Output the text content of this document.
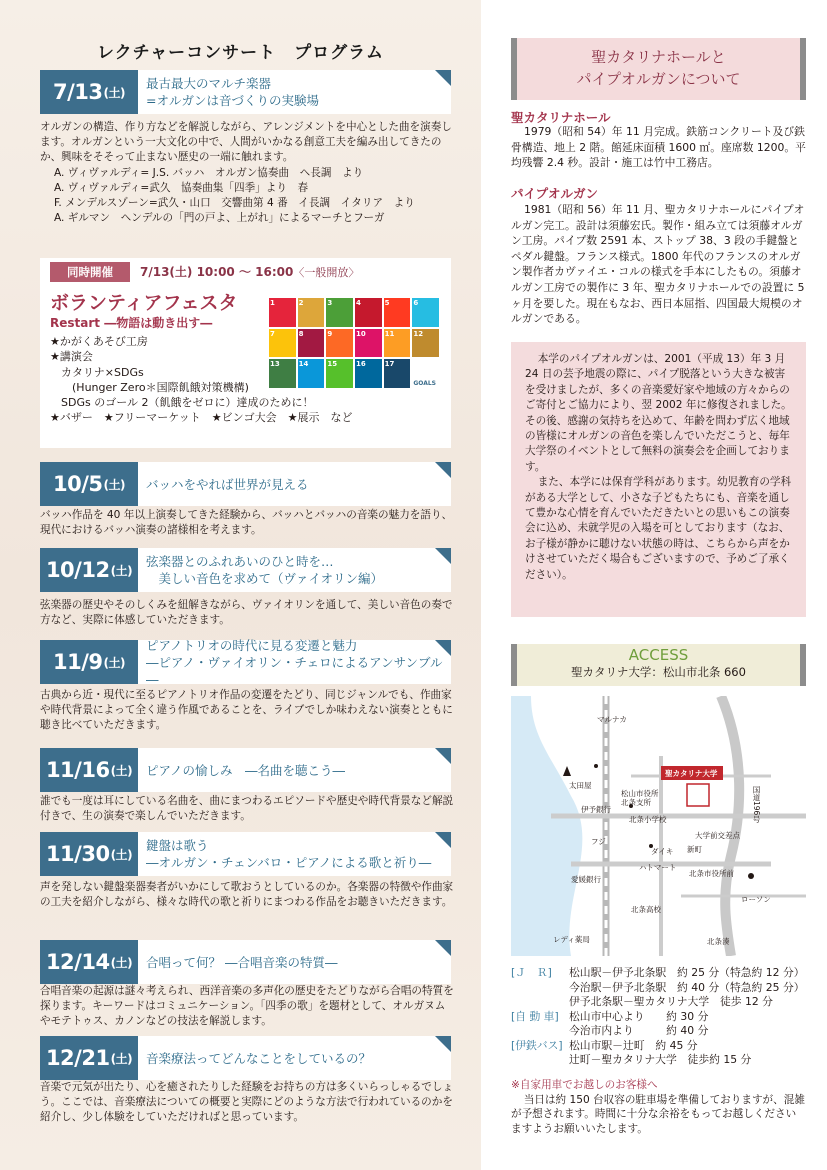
レクチャーコンサート　プログラム
7/13 (土)
最古最大のマルチ楽器
=オルガンは音づくりの実験場
オルガンの構造、作り方などを解説しながら、アレンジメントを中心とした曲を演奏します。オルガンという一大文化の中で、人間がいかなる創意工夫を編み出してきたのか、興味をそそって止まない歴史の一端に触れます。
A. ヴィヴァルディ= J.S. バッハ　オルガン協奏曲　ヘ長調　より
A. ヴィヴァルディ=武久　協奏曲集「四季」より　春
F. メンデルスゾーン=武久・山口　交響曲第 4 番　イ長調　イタリア　より
A. ギルマン　ヘンデルの「門の戸よ、上がれ」によるマーチとフーガ
同時開催	7/13(土) 10:00 ～ 16:00〈一般開放〉
ボランティアフェスタ
Restart ―物語は動き出す―
★かがくあそび工房
★講演会
　カタリナ×SDGs
　　(Hunger Zero＊国際飢餓対策機構)
　SDGs のゴール 2（飢餓をゼロに）達成のために！
★バザー　★フリーマーケット　★ビンゴ大会　★展示　など
1	2	3	4	5	6
7	8	9	10	11	12
13	14	15	16	17
GOALS
10/5 (土) バッハをやれば世界が見える
バッハ作品を 40 年以上演奏してきた経験から、バッハとバッハの音楽の魅力を語り、現代におけるバッハ演奏の諸様相を考えます。
10/12 (土)
弦楽器とのふれあいのひと時を…
　美しい音色を求めて（ヴァイオリン編）
弦楽器の歴史やそのしくみを紐解きながら、ヴァイオリンを通して、美しい音色の奏で方など、実際に体感していただきます。
11/9 (土)
ピアノトリオの時代に見る変遷と魅力
―ピアノ・ヴァイオリン・チェロによるアンサンブル―
古典から近・現代に至るピアノトリオ作品の変遷をたどり、同じジャンルでも、作曲家や時代背景によって全く違う作風であることを、ライブでしか味わえない演奏とともに聴き比べていただきます。
11/16 (土) ピアノの愉しみ　―名曲を聴こう―
誰でも一度は耳にしている名曲を、曲にまつわるエピソードや歴史や時代背景など解説付きで、生の演奏で楽しんでいただきます。
11/30 (土)
鍵盤は歌う
―オルガン・チェンバロ・ピアノによる歌と祈り―
声を発しない鍵盤楽器奏者がいかにして歌おうとしているのか。各楽器の特徴や作曲家の工夫を紹介しながら、様々な時代の歌と祈りにまつわる作品をお聴きいただきます。
12/14 (土) 合唱って何？ ―合唱音楽の特質―
合唱音楽の起源は謎々考えられ、西洋音楽の多声化の歴史をたどりながら合唱の特質を探ります。キーワードはコミュニケーション。「四季の歌」を題材として、オルガヌムやモテトゥス、カノンなどの技法を解説します。
12/21 (土) 音楽療法ってどんなことをしているの？
音楽で元気が出たり、心を癒されたりした経験をお持ちの方は多くいらっしゃるでしょう。ここでは、音楽療法についての概要と実際にどのような方法で行われているのかを紹介し、少し体験をしていただければと思っています。
聖カタリナホールと
パイプオルガンについて
聖カタリナホール
1979（昭和 54）年 11 月完成。鉄筋コンクリート及び鉄骨構造、地上 2 階。館延床面積 1600 ㎡。座席数 1200。平均残響 2.4 秒。設計・施工は竹中工務店。
パイプオルガン
1981（昭和 56）年 11 月、聖カタリナホールにパイプオルガン完工。設計は須藤宏氏。製作・組み立ては須藤オルガン工房。パイプ数 2591 本、ストップ 38、3 段の手鍵盤とペダル鍵盤。フランス様式。1800 年代のフランスのオルガン製作者カヴァイエ・コルの様式を手本にしたもの。須藤オルガン工房での製作に 3 年、聖カタリナホールでの設置に 5 ヶ月を要した。現在もなお、西日本屈指、四国最大規模のオルガンである。

本学のパイプオルガンは、2001（平成 13）年 3 月 24 日の芸予地震の際に、パイプ脱落という大きな被害を受けましたが、多くの音楽愛好家や地域の方々からのご寄付とご協力により、翌 2002 年に修復されました。その後、感謝の気持ちを込めて、年齢を問わず広く地域の皆様にオルガンの音色を楽しんでいただこうと、毎年大学祭のイベントとして無料の演奏会を企画しております。

また、本学には保育学科があります。幼児教育の学科がある大学として、小さな子どもたちにも、音楽を通して豊かな心情を育んでいただきたいとの思いもこの演奏会に込め、未就学児の入場を可としております（なお、お子様が静かに聴けない状態の時は、こちらから声をかけさせていただく場合もございますので、予めご了承ください）。

ACCESS
聖カタリナ大学：松山市北条 660
マルナカ
太田屋
松山市役所
北条支所
伊予銀行
北条小学校
聖カタリナ大学
国道196号
フジ
大学前交差点
新町
ダイキ
ハトマート
愛媛銀行
北条高校
北条市役所前
ローソン
北条湊
レディ薬局
[Ｊ　Ｒ]	松山駅－伊予北条駅　約 25 分（特急約 12 分）
今治駅－伊予北条駅　約 40 分（特急約 25 分）
伊予北条駅－聖カタリナ大学　徒歩 12 分
[自 動 車] 松山市中心より　　約 30 分
今治市内より　　　約 40 分
[伊鉄バス] 松山市駅－辻町　約 45 分
辻町－聖カタリナ大学　徒歩約 15 分
※自家用車でお越しのお客様へ
当日は約 150 台収容の駐車場を準備しておりますが、混雑が予想されます。時間に十分な余裕をもってお越しくださいますようお願いいたします。
